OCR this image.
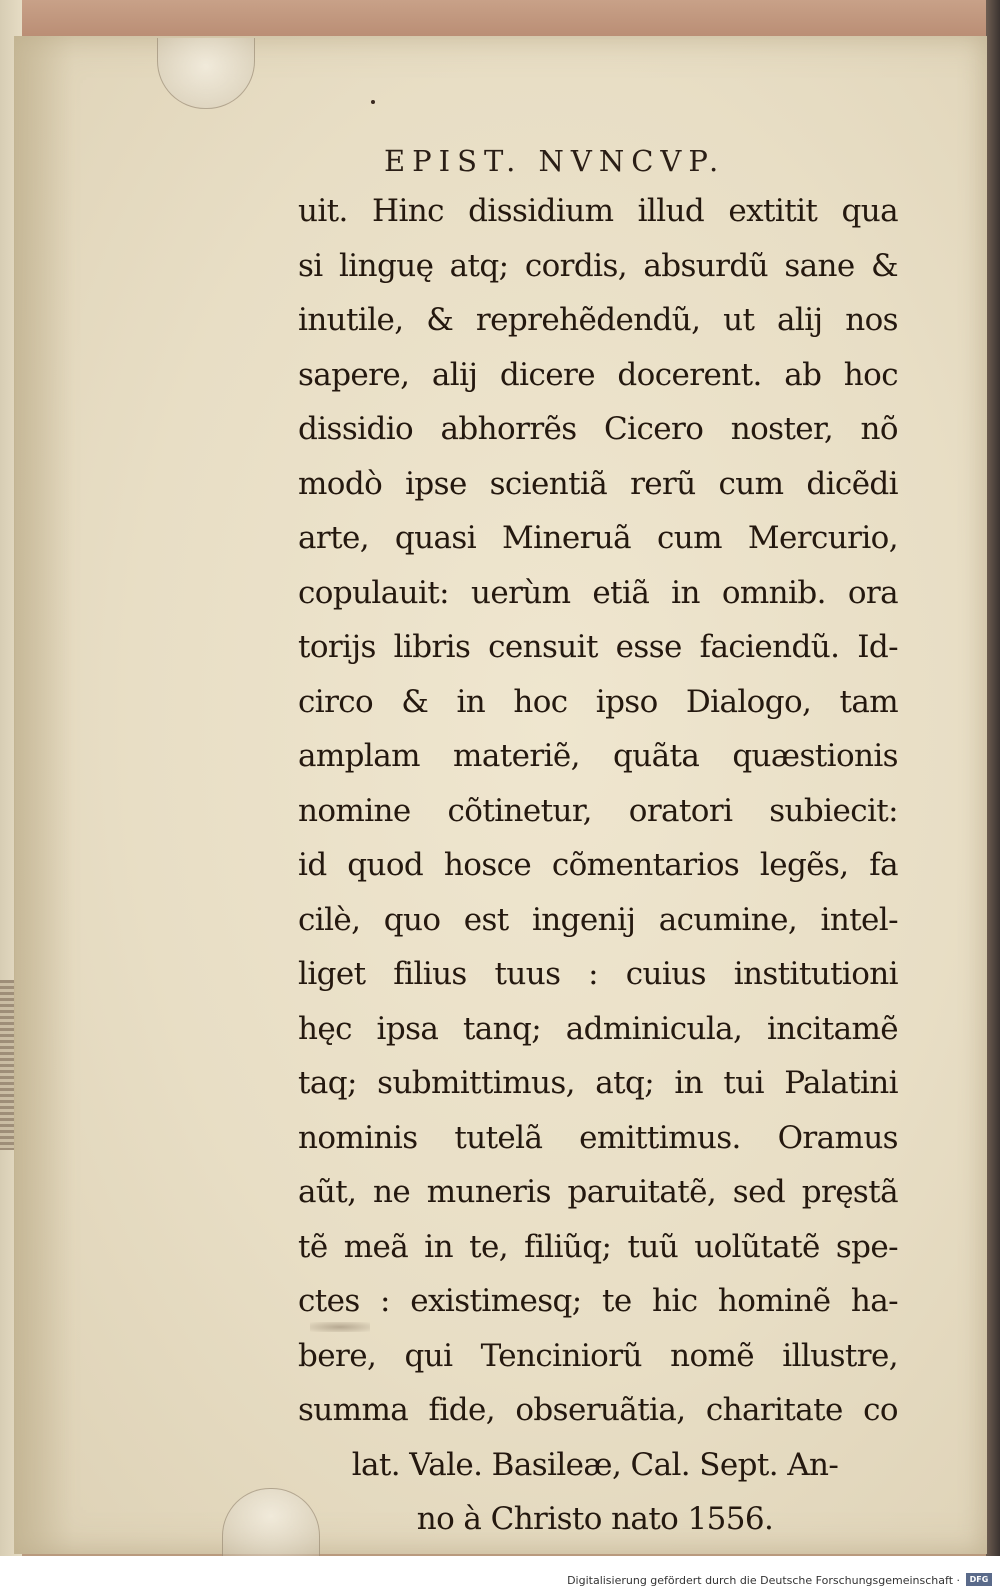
EPIST. NVNCVP.
uit. Hinc dissidium illud extitit qua
si linguę atq; cordis, absurdũ sane &
inutile, & reprehẽdendũ, ut alij nos
sapere, alij dicere docerent. ab hoc
dissidio abhorrẽs Cicero noster, nõ
modò ipse scientiã rerũ cum dicẽdi
arte, quasi Mineruã cum Mercurio,
copulauit: uerùm etiã in omnib. ora
torijs libris censuit esse faciendũ. Id-
circo & in hoc ipso Dialogo, tam
amplam materiẽ, quãta quæstionis
nomine cõtinetur, oratori subiecit:
id quod hosce cõmentarios legẽs, fa
cilè, quo est ingenij acumine, intel-
liget filius tuus : cuius institutioni
hęc ipsa tanq; adminicula, incitamẽ
taq; submittimus, atq; in tui Palatini
nominis tutelã emittimus. Oramus
aũt, ne muneris paruitatẽ, sed pręstã
tẽ meã in te, filiũq; tuũ uolũtatẽ spe-
ctes : existimesq; te hic hominẽ ha-
bere, qui Tenciniorũ nomẽ illustre,
summa fide, obseruãtia, charitate co
lat. Vale. Basileæ, Cal. Sept. An-
no à Christo nato 1556.
Digitalisierung gefördert durch die Deutsche Forschungsgemeinschaft ·	DFG
